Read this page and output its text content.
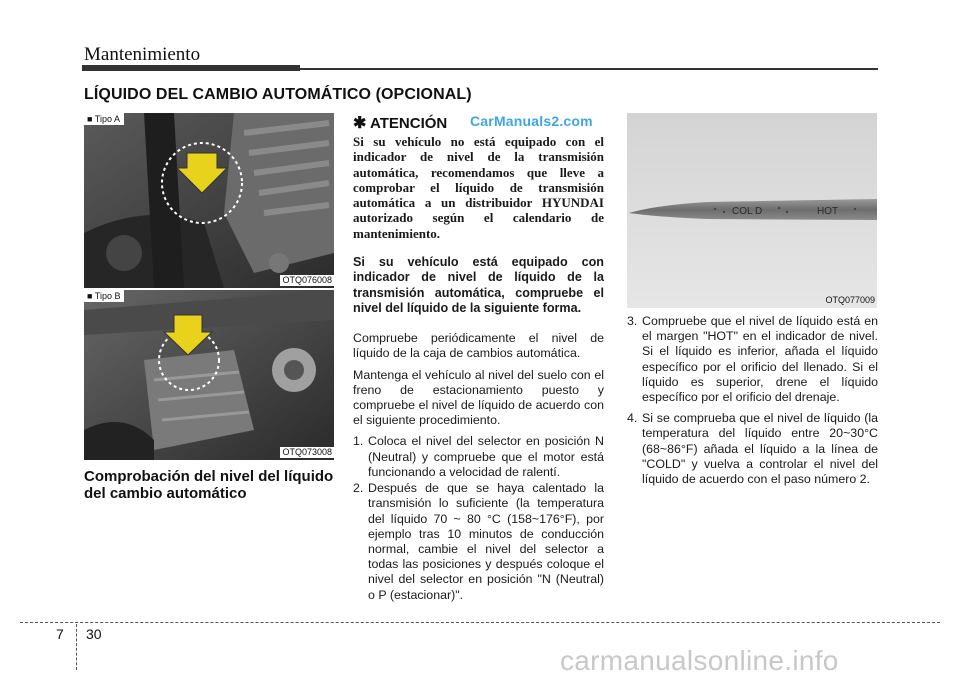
Mantenimiento
LÍQUIDO DEL CAMBIO AUTOMÁTICO (OPCIONAL)
■ Tipo A
OTQ076008
■ Tipo B
OTQ073008
Comprobación del nivel del líquido del cambio automático
✱ ATENCIÓN CarManuals2.com
Si su vehículo no está equipado con el indicador de nivel de la transmisión automática, recomendamos que lleve a comprobar el líquido de transmisión automática a un distribuidor HYUNDAI autorizado según el calendario de mantenimiento.
Si su vehículo está equipado con indicador de nivel de líquido de la transmisión automática, compruebe el nivel del líquido de la siguiente forma.
Compruebe periódicamente el nivel de líquido de la caja de cambios automática.
Mantenga el vehículo al nivel del suelo con el freno de estacionamiento puesto y compruebe el nivel de líquido de acuerdo con el siguiente procedimiento.
1. Coloca el nivel del selector en posición N (Neutral) y compruebe que el motor está funcionando a velocidad de ralentí.
2. Después de que se haya calentado la transmisión lo suficiente (la temperatura del líquido 70 ~ 80 °C (158~176°F), por ejemplo tras 10 minutos de conducción normal, cambie el nivel del selector a todas las posiciones y después coloque el nivel del selector en posición "N (Neutral) o P (estacionar)".
COL D	HOT
OTQ077009
3. Compruebe que el nivel de líquido está en el margen "HOT" en el indicador de nivel. Si el líquido es inferior, añada el líquido específico por el orificio del llenado. Si el líquido es superior, drene el líquido específico por el orificio del drenaje.
4. Si se comprueba que el nivel de líquido (la temperatura del líquido entre 20~30°C (68~86°F) añada el líquido a la línea de "COLD" y vuelva a controlar el nivel del líquido de acuerdo con el paso número 2.
7 30
carmanualsonline.info
